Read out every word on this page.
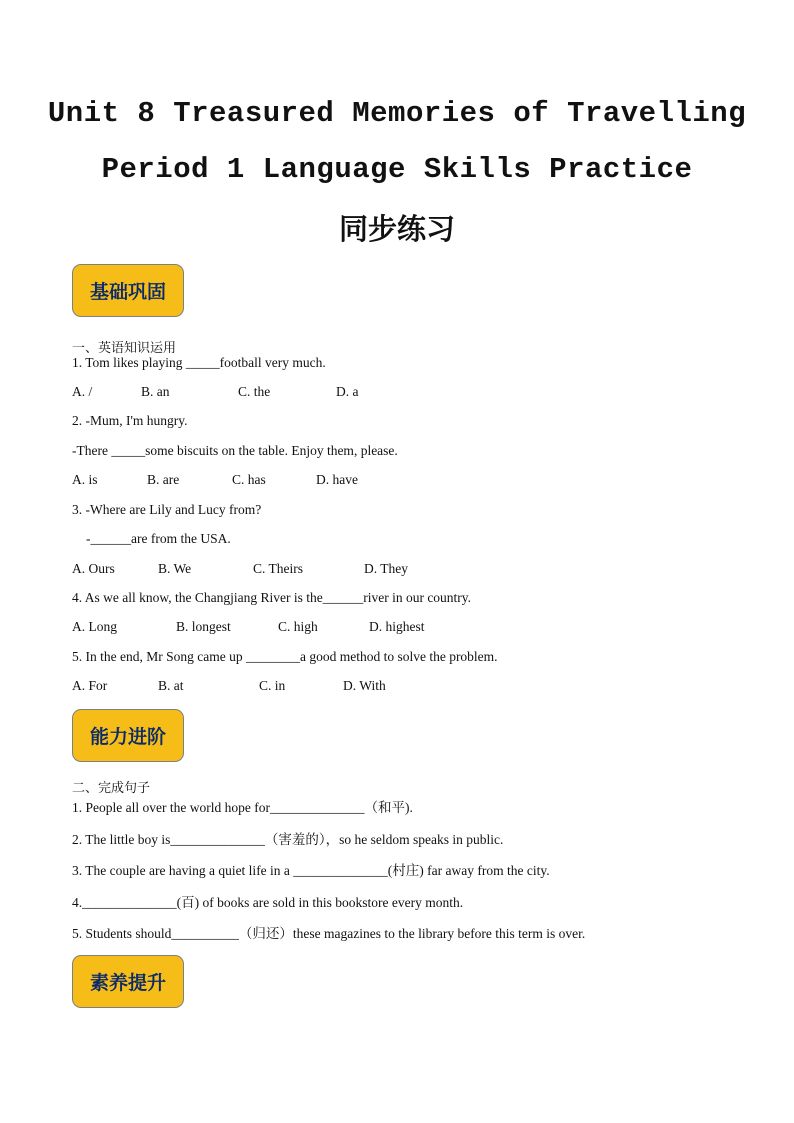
Unit 8 Treasured Memories of Travelling
Period 1 Language Skills Practice
同步练习
基础巩固
一、英语知识运用
1. Tom likes playing _____football very much.
A. /	B. an	C. the	D. a
2. -Mum, I'm hungry.
-There _____some biscuits on the table. Enjoy them, please.
A. is	B. are	C. has	D. have
3. -Where are Lily and Lucy from?
-______are from the USA.
A. Ours	B. We	C. Theirs	D. They
4. As we all know, the Changjiang River is the______river in our country.
A. Long	B. longest	C. high	D. highest
5. In the end, Mr Song came up ________a good method to solve the problem.
A. For	B. at	C. in	D. With
能力进阶
二、完成句子
1. People all over the world hope for______________（和平).
2. The little boy is______________（害羞的），so he seldom speaks in public.
3. The couple are having a quiet life in a ______________(村庄) far away from the city.
4.______________(百) of books are sold in this bookstore every month.
5. Students should__________（归还）these magazines to the library before this term is over.
素养提升
